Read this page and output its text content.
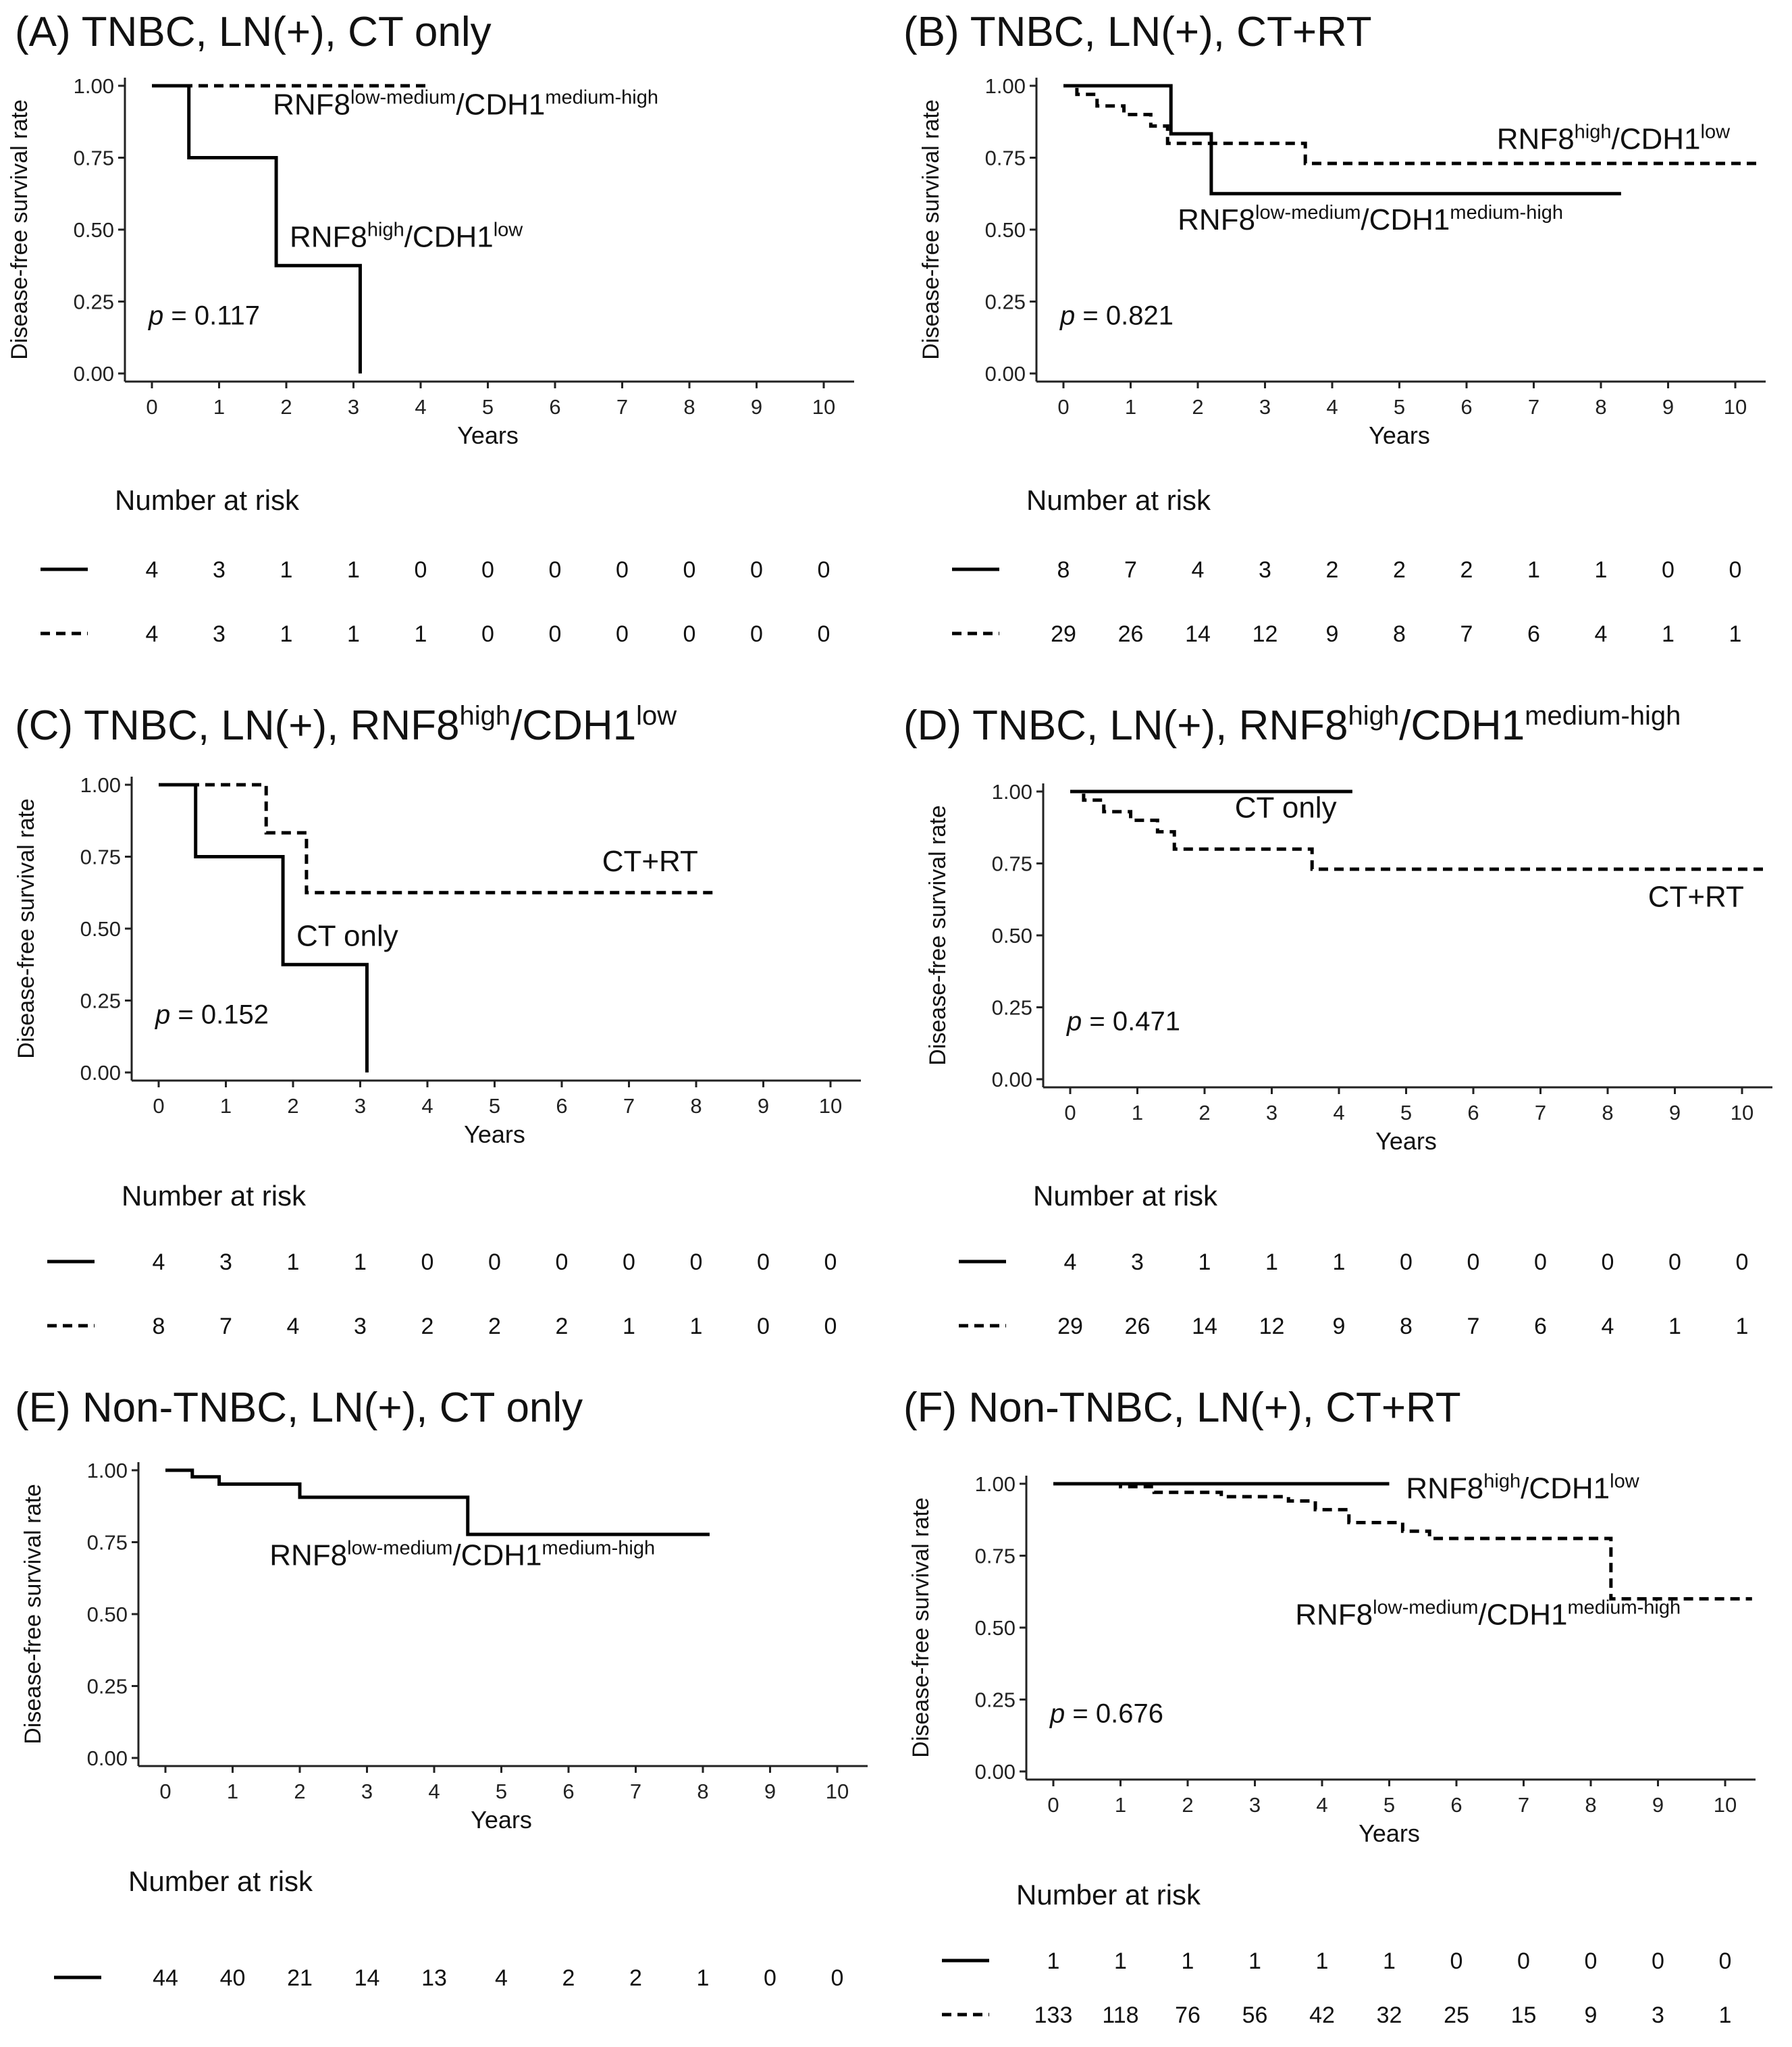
(A) TNBC, LN(+), CT only
0.00
0.25
0.50
0.75
1.00
0	1	2	3	4	5	6	7	8	9 10
Years
Disease-free survival rate	$RNF8^{low-medium}/CDH1^{medium-high}$
$RNF8^{high}/CDH1^{low}$
p = 0.117
Number at risk
4 3 1 1 0 0 0 0 0 0 0
4 3 1 1 1 0 0 0 0 0 0
(B) TNBC, LN(+), CT+RT
0.00
0.25
0.50
0.75
1.00
0	1	2	3	4	5	6	7	8	9 10
Years
Disease-free survival rate	$RNF8^{high}/CDH1^{low}$
$RNF8^{low-medium}/CDH1^{medium-high}$
p = 0.821
Number at risk
8 7 4 3 2 2 2 1 1 0 0
29 26 14 12 9 8 7 6 4 1 1
(C) TNBC, LN(+), $RNF8^{high}/CDH1^{low}$
0.00
0.25
0.50
0.75
1.00
0	1	2	3	4	5	6	7	8	9 10
Years
Disease-free survival rate	CT+RT
CT only
p = 0.152
Number at risk
4 3 1 1 0 0 0 0 0 0 0
8 7 4 3 2 2 2 1 1 0 0
(D) TNBC, LN(+), $RNF8^{high}/CDH1^{medium-high}$
0.00
0.25
0.50
0.75
1.00
0	1	2	3	4	5	6	7	8	9 10
Years
Disease-free survival rate	CT only
CT+RT
p = 0.471
Number at risk
4 3 1 1 1 0 0 0 0 0 0
29 26 14 12 9 8 7 6 4 1 1
(E) Non-TNBC, LN(+), CT only
0.00
0.25
0.50
0.75
1.00
0	1	2	3	4	5	6	7	8	9 10
Years
Disease-free survival rate	$RNF8^{low-medium}/CDH1^{medium-high}$
Number at risk
44 40 21 14 13 4 2 2 1 0 0
(F) Non-TNBC, LN(+), CT+RT
0.00
0.25
0.50
0.75
1.00
0	1	2	3	4	5	6	7	8	9 10
Years
Disease-free survival rate
$RNF8^{high}/CDH1^{low}$
$RNF8^{low-medium}/CDH1^{medium-high}$
p = 0.676
Number at risk
1 1 1 1 1 1 0 0 0 0 0
133 118 76 56 42 32 25 15 9 3 1
